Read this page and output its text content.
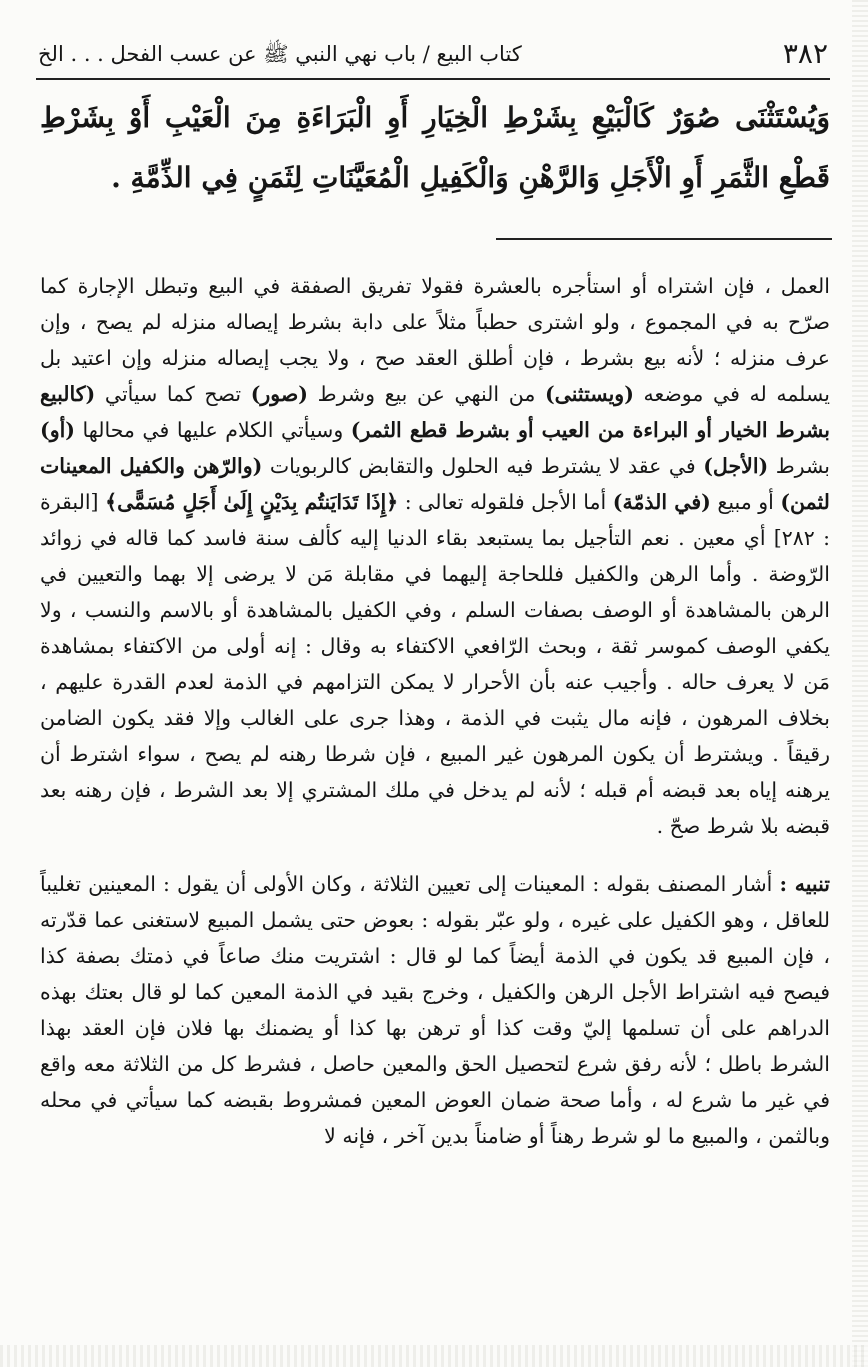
٣٨٢
كتاب البيع / باب نهي النبي ﷺ عن عسب الفحل . . . الخ
وَيُسْتَثْنَى صُوَرٌ كَالْبَيْعِ بِشَرْطِ الْخِيَارِ أَوِ الْبَرَاءَةِ مِنَ الْعَيْبِ أَوْ بِشَرْطِ قَطْعِ الثَّمَرِ أَوِ الْأَجَلِ وَالرَّهْنِ وَالْكَفِيلِ الْمُعَيَّنَاتِ لِثَمَنٍ فِي الذِّمَّةِ .

العمل ، فإن اشتراه أو استأجره بالعشرة فقولا تفريق الصفقة في البيع وتبطل الإجارة كما صرّح به في المجموع ، ولو اشترى حطباً مثلاً على دابة بشرط إيصاله منزله لم يصح ، وإن عرف منزله ؛ لأنه بيع بشرط ، فإن أطلق العقد صح ، ولا يجب إيصاله منزله وإن اعتيد بل يسلمه له في موضعه (ويستثنى) من النهي عن بيع وشرط (صور) تصح كما سيأتي (كالبيع بشرط الخيار أو البراءة من العيب أو بشرط قطع الثمر) وسيأتي الكلام عليها في محالها (أو) بشرط (الأجل) في عقد لا يشترط فيه الحلول والتقابض كالربويات (والرّهن والكفيل المعينات لثمن) أو مبيع (في الذمّة) أما الأجل فلقوله تعالى : ﴿إِذَا تَدَايَنتُم بِدَيْنٍ إِلَىٰ أَجَلٍ مُسَمًّى﴾ [البقرة : ٢٨٢] أي معين . نعم التأجيل بما يستبعد بقاء الدنيا إليه كألف سنة فاسد كما قاله في زوائد الرّوضة . وأما الرهن والكفيل فللحاجة إليهما في مقابلة مَن لا يرضى إلا بهما والتعيين في الرهن بالمشاهدة أو الوصف بصفات السلم ، وفي الكفيل بالمشاهدة أو بالاسم والنسب ، ولا يكفي الوصف كموسر ثقة ، وبحث الرّافعي الاكتفاء به وقال : إنه أولى من الاكتفاء بمشاهدة مَن لا يعرف حاله . وأجيب عنه بأن الأحرار لا يمكن التزامهم في الذمة لعدم القدرة عليهم ، بخلاف المرهون ، فإنه مال يثبت في الذمة ، وهذا جرى على الغالب وإلا فقد يكون الضامن رقيقاً . ويشترط أن يكون المرهون غير المبيع ، فإن شرطا رهنه لم يصح ، سواء اشترط أن يرهنه إياه بعد قبضه أم قبله ؛ لأنه لم يدخل في ملك المشتري إلا بعد الشرط ، فإن رهنه بعد قبضه بلا شرط صحّ .

تنبيه : أشار المصنف بقوله : المعينات إلى تعيين الثلاثة ، وكان الأولى أن يقول : المعينين تغليباً للعاقل ، وهو الكفيل على غيره ، ولو عبّر بقوله : بعوض حتى يشمل المبيع لاستغنى عما قدّرته ، فإن المبيع قد يكون في الذمة أيضاً كما لو قال : اشتريت منك صاعاً في ذمتك بصفة كذا فيصح فيه اشتراط الأجل الرهن والكفيل ، وخرج بقيد في الذمة المعين كما لو قال بعتك بهذه الدراهم على أن تسلمها إليّ وقت كذا أو ترهن بها كذا أو يضمنك بها فلان فإن العقد بهذا الشرط باطل ؛ لأنه رفق شرع لتحصيل الحق والمعين حاصل ، فشرط كل من الثلاثة معه واقع في غير ما شرع له ، وأما صحة ضمان العوض المعين فمشروط بقبضه كما سيأتي في محله وبالثمن ، والمبيع ما لو شرط رهناً أو ضامناً بدين آخر ، فإنه لا
